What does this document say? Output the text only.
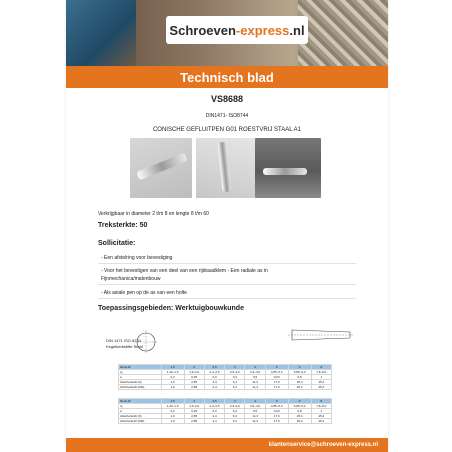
Schroeven -express .nl
Technisch blad
VS8688
DIN1471- ISO8744
CONISCHE GEFLUITPEN G01 ROESTVRIJ STAAL A1
Verkrijgbaar in diameter 2 t/m 8 en lengte 8 t/m 60
Treksterkte: 50
Sollicitatie:
- Een afstelring voor bevestiging
- Voor het bevestigen van een deel van een rijdraadklem - Een radiale as in
Fijnmechanica/matenbouw
- Als axiale pen op de as van een holte
Toepassingsgebieden: Werktuigbouwkunde
DIN 1471 ISO 8744
Kegelkerbstifte Stahl
Nenn-Ø	1,5	2	2,5	3	4	5	6	8
d₁	1,40–1,5	1,9–2,0	2,4–2,5	2,9–3,0	3,9–4,0	4,85–5,0	5,85–6,0	7,8–8,0
a	0,2	0,25	0,3	0,4	0,5	0,63	0,8	1
Abscherkraft (S)	1,6	2,85	4,4	6,4	11,3	17,6	25,4	45,2
Abscherkraft (DM)	1,6	2,85	4,4	6,4	11,3	17,6	25,4	45,2
Nenn-Ø	1,5	2	2,5	3	4	5	6	8
d₁	1,40–1,5	1,9–2,0	2,4–2,5	2,9–3,0	3,9–4,0	4,85–5,0	5,85–6,0	7,8–8,0
a	0,2	0,25	0,3	0,4	0,5	0,63	0,8	1
Abscherkraft (S)	1,6	2,85	4,4	6,4	11,3	17,6	25,4	45,2
Abscherkraft (DM)	1,6	2,85	4,4	6,4	11,3	17,6	25,4	45,2
klantenservice@schroeven-express.nl
